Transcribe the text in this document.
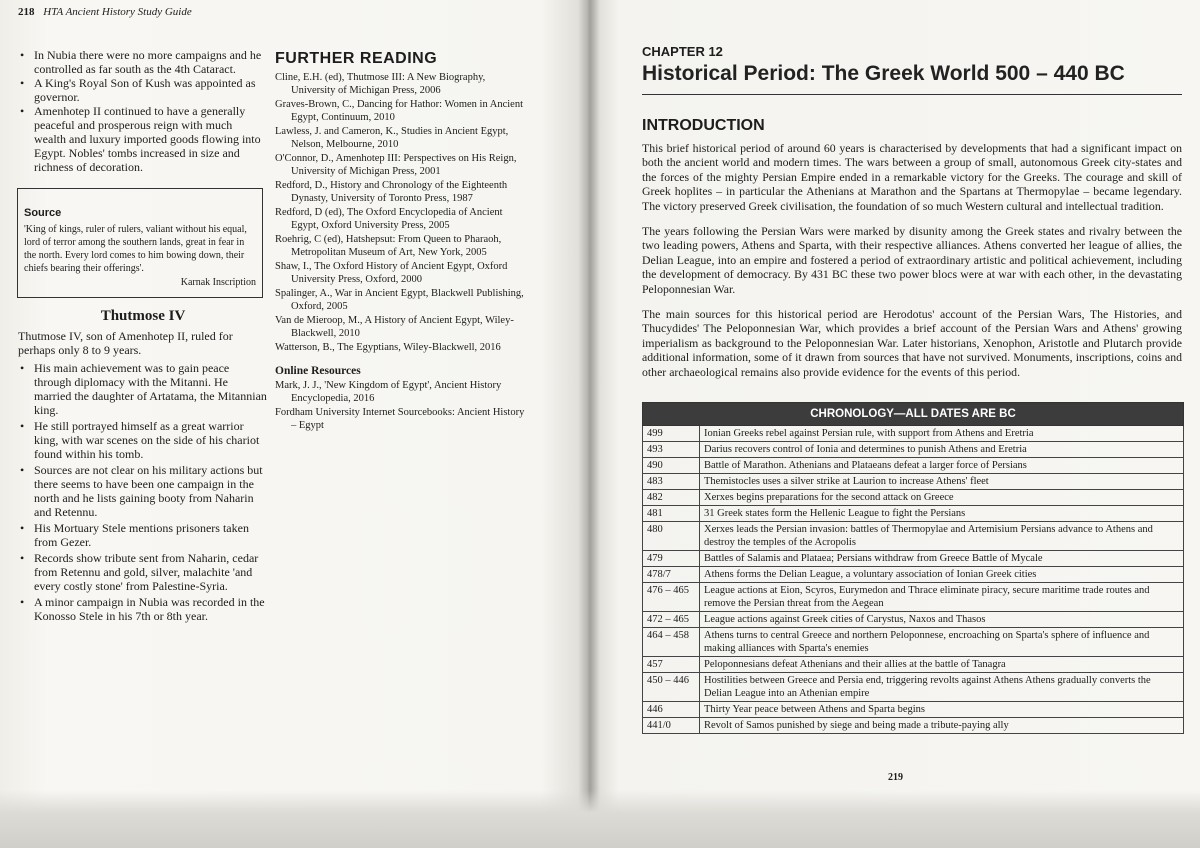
218 HTA Ancient History Study Guide
• In Nubia there were no more campaigns and he controlled as far south as the 4th Cataract.
• A King's Royal Son of Kush was appointed as governor.
• Amenhotep II continued to have a generally peaceful and prosperous reign with much wealth and luxury imported goods flowing into Egypt. Nobles' tombs increased in size and richness of decoration.
Source
'King of kings, ruler of rulers, valiant without his equal, lord of terror among the southern lands, great in fear in the north. Every lord comes to him bowing down, their chiefs bearing their offerings'.
Karnak Inscription
Thutmose IV

Thutmose IV, son of Amenhotep II, ruled for perhaps only 8 to 9 years.

• His main achievement was to gain peace through diplomacy with the Mitanni. He married the daughter of Artatama, the Mitannian king.
• He still portrayed himself as a great warrior king, with war scenes on the side of his chariot found within his tomb.
• Sources are not clear on his military actions but there seems to have been one campaign in the north and he lists gaining booty from Naharin and Retennu.
• His Mortuary Stele mentions prisoners taken from Gezer.
• Records show tribute sent from Naharin, cedar from Retennu and gold, silver, malachite 'and every costly stone' from Palestine-Syria.
• A minor campaign in Nubia was recorded in the Konosso Stele in his 7th or 8th year.
FURTHER READING
Cline, E.H. (ed), Thutmose III: A New Biography, University of Michigan Press, 2006
Graves-Brown, C., Dancing for Hathor: Women in Ancient Egypt, Continuum, 2010
Lawless, J. and Cameron, K., Studies in Ancient Egypt, Nelson, Melbourne, 2010
O'Connor, D., Amenhotep III: Perspectives on His Reign, University of Michigan Press, 2001
Redford, D., History and Chronology of the Eighteenth Dynasty, University of Toronto Press, 1987
Redford, D (ed), The Oxford Encyclopedia of Ancient Egypt, Oxford University Press, 2005
Roehrig, C (ed), Hatshepsut: From Queen to Pharaoh, Metropolitan Museum of Art, New York, 2005
Shaw, I., The Oxford History of Ancient Egypt, Oxford University Press, Oxford, 2000
Spalinger, A., War in Ancient Egypt, Blackwell Publishing, Oxford, 2005
Van de Mieroop, M., A History of Ancient Egypt, Wiley-Blackwell, 2010
Watterson, B., The Egyptians, Wiley-Blackwell, 2016
Online Resources
Mark, J. J., 'New Kingdom of Egypt', Ancient History Encyclopedia, 2016
Fordham University Internet Sourcebooks: Ancient History – Egypt
CHAPTER 12
Historical Period: The Greek World 500 – 440 BC
INTRODUCTION

This brief historical period of around 60 years is characterised by developments that had a significant impact on both the ancient world and modern times. The wars between a group of small, autonomous Greek city-states and the forces of the mighty Persian Empire ended in a remarkable victory for the Greeks. The courage and skill of Greek hoplites – in particular the Athenians at Marathon and the Spartans at Thermopylae – became legendary. The victory preserved Greek civilisation, the foundation of so much Western cultural and intellectual tradition.

The years following the Persian Wars were marked by disunity among the Greek states and rivalry between the two leading powers, Athens and Sparta, with their respective alliances. Athens converted her league of allies, the Delian League, into an empire and fostered a period of extraordinary artistic and political achievement, including the development of democracy. By 431 BC these two power blocs were at war with each other, in the devastating Peloponnesian War.

The main sources for this historical period are Herodotus' account of the Persian Wars, The Histories, and Thucydides' The Peloponnesian War, which provides a brief account of the Persian Wars and Athens' growing imperialism as background to the Peloponnesian War. Later historians, Xenophon, Aristotle and Plutarch provide additional information, some of it drawn from sources that have not survived. Monuments, inscriptions, coins and other archaeological remains also provide evidence for the events of this period.

CHRONOLOGY—ALL DATES ARE BC	
499	Ionian Greeks rebel against Persian rule, with support from Athens and Eretria
493	Darius recovers control of Ionia and determines to punish Athens and Eretria
490	Battle of Marathon. Athenians and Plataeans defeat a larger force of Persians
483	Themistocles uses a silver strike at Laurion to increase Athens' fleet
482	Xerxes begins preparations for the second attack on Greece
481	31 Greek states form the Hellenic League to fight the Persians
480	Xerxes leads the Persian invasion: battles of Thermopylae and Artemisium Persians advance to Athens and destroy the temples of the Acropolis
479	Battles of Salamis and Plataea; Persians withdraw from Greece Battle of Mycale
478/7	Athens forms the Delian League, a voluntary association of Ionian Greek cities
476 – 465	League actions at Eion, Scyros, Eurymedon and Thrace eliminate piracy, secure maritime trade routes and remove the Persian threat from the Aegean
472 – 465	League actions against Greek cities of Carystus, Naxos and Thasos
464 – 458	Athens turns to central Greece and northern Peloponnese, encroaching on Sparta's sphere of influence and making alliances with Sparta's enemies
457	Peloponnesians defeat Athenians and their allies at the battle of Tanagra
450 – 446	Hostilities between Greece and Persia end, triggering revolts against Athens Athens gradually converts the Delian League into an Athenian empire
446	Thirty Year peace between Athens and Sparta begins
441/0	Revolt of Samos punished by siege and being made a tribute-paying ally
219
